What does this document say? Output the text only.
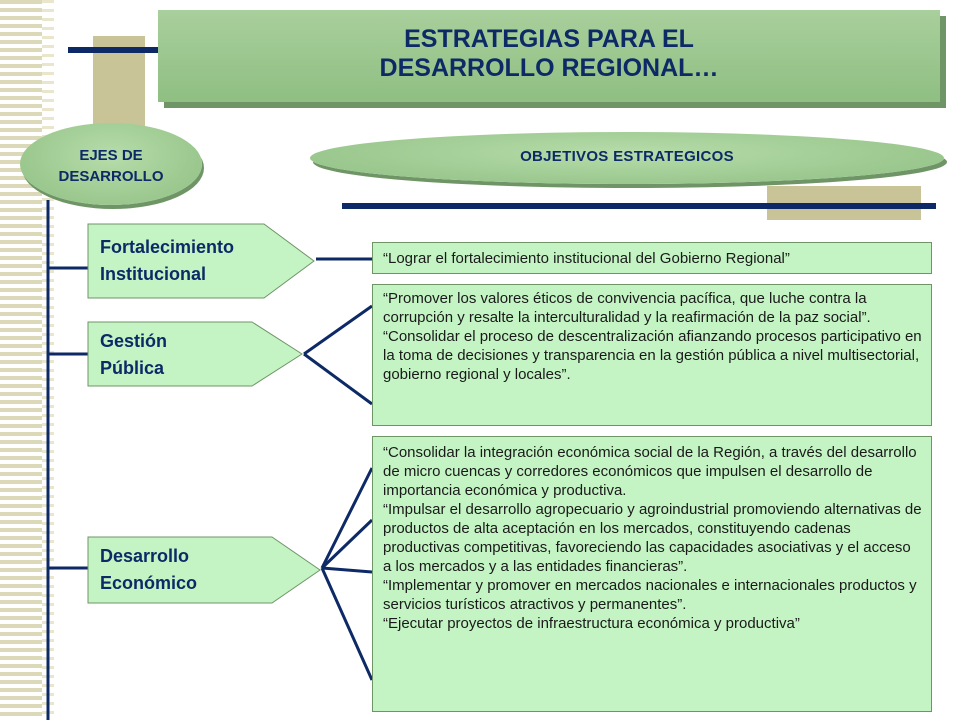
ESTRATEGIAS PARA EL
DESARROLLO REGIONAL…
EJES DE
DESARROLLO
OBJETIVOS ESTRATEGICOS
Fortalecimiento
Institucional
Gestión
Pública
Desarrollo
Económico

“Lograr el fortalecimiento institucional del Gobierno Regional”

“Promover los valores éticos de convivencia pacífica, que luche contra la corrupción y resalte la interculturalidad y la reafirmación de la paz social”.

“Consolidar el proceso de descentralización afianzando procesos participativo en la toma de decisiones y transparencia en la gestión pública a nivel multisectorial, gobierno regional y locales”.

“Consolidar la integración económica social de la Región, a través del desarrollo de micro cuencas y corredores económicos que impulsen el desarrollo de importancia económica y productiva.

“Impulsar el desarrollo agropecuario y agroindustrial promoviendo alternativas de productos de alta aceptación en los mercados, constituyendo cadenas productivas competitivas, favoreciendo las capacidades asociativas y el acceso a los mercados y a las entidades financieras”.

“Implementar y promover en mercados nacionales e internacionales productos y servicios turísticos atractivos y permanentes”.

“Ejecutar proyectos de infraestructura económica y productiva”
